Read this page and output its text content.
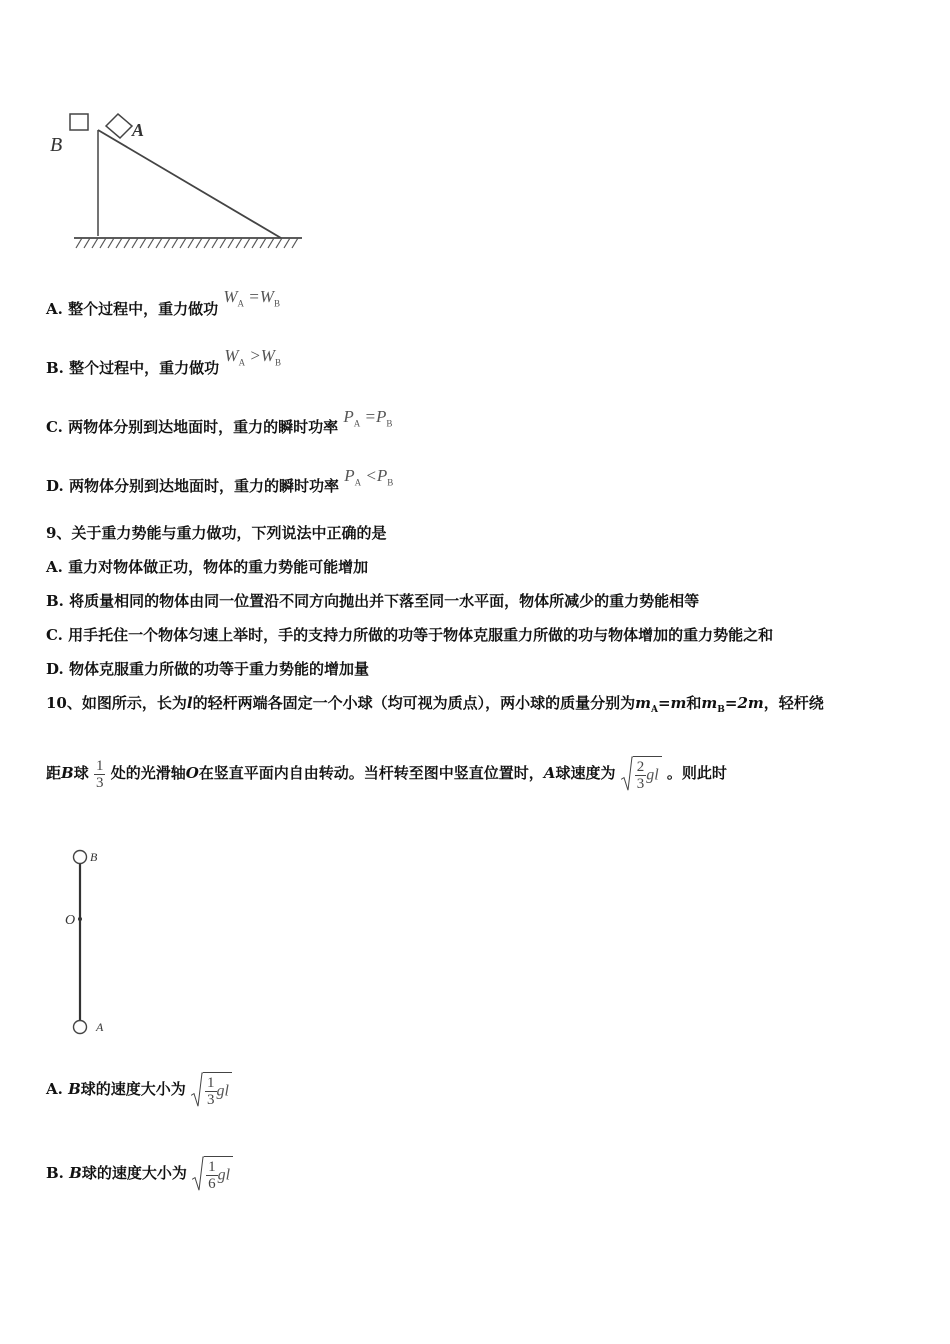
B
A
A. 整个过程中，重力做功 $W_A =W_B$
B. 整个过程中，重力做功 $W_A >W_B$
C. 两物体分别到达地面时，重力的瞬时功率 $P_A =P_B$
D. 两物体分别到达地面时，重力的瞬时功率 $P_A <P_B$
9、关于重力势能与重力做功，下列说法中正确的是
A. 重力对物体做正功，物体的重力势能可能增加
B. 将质量相同的物体由同一位置沿不同方向抛出并下落至同一水平面，物体所减少的重力势能相等
C. 用手托住一个物体匀速上举时，手的支持力所做的功等于物体克服重力所做的功与物体增加的重力势能之和
D. 物体克服重力所做的功等于重力势能的增加量
10、如图所示，长为l的轻杆两端各固定一个小球（均可视为质点），两小球的质量分别为$m_A=m$和$m_B=2m$，轻杆绕
距B球 $\frac{1}{3}$ 处的光滑轴O在竖直平面内自由转动。当杆转至图中竖直位置时，A球速度为 $\frac{2}{3}$ gl 。则此时
B
O
A
A. B球的速度大小为 $\frac{1}{3}$ gl
B. B球的速度大小为 $\frac{1}{6}$ gl
